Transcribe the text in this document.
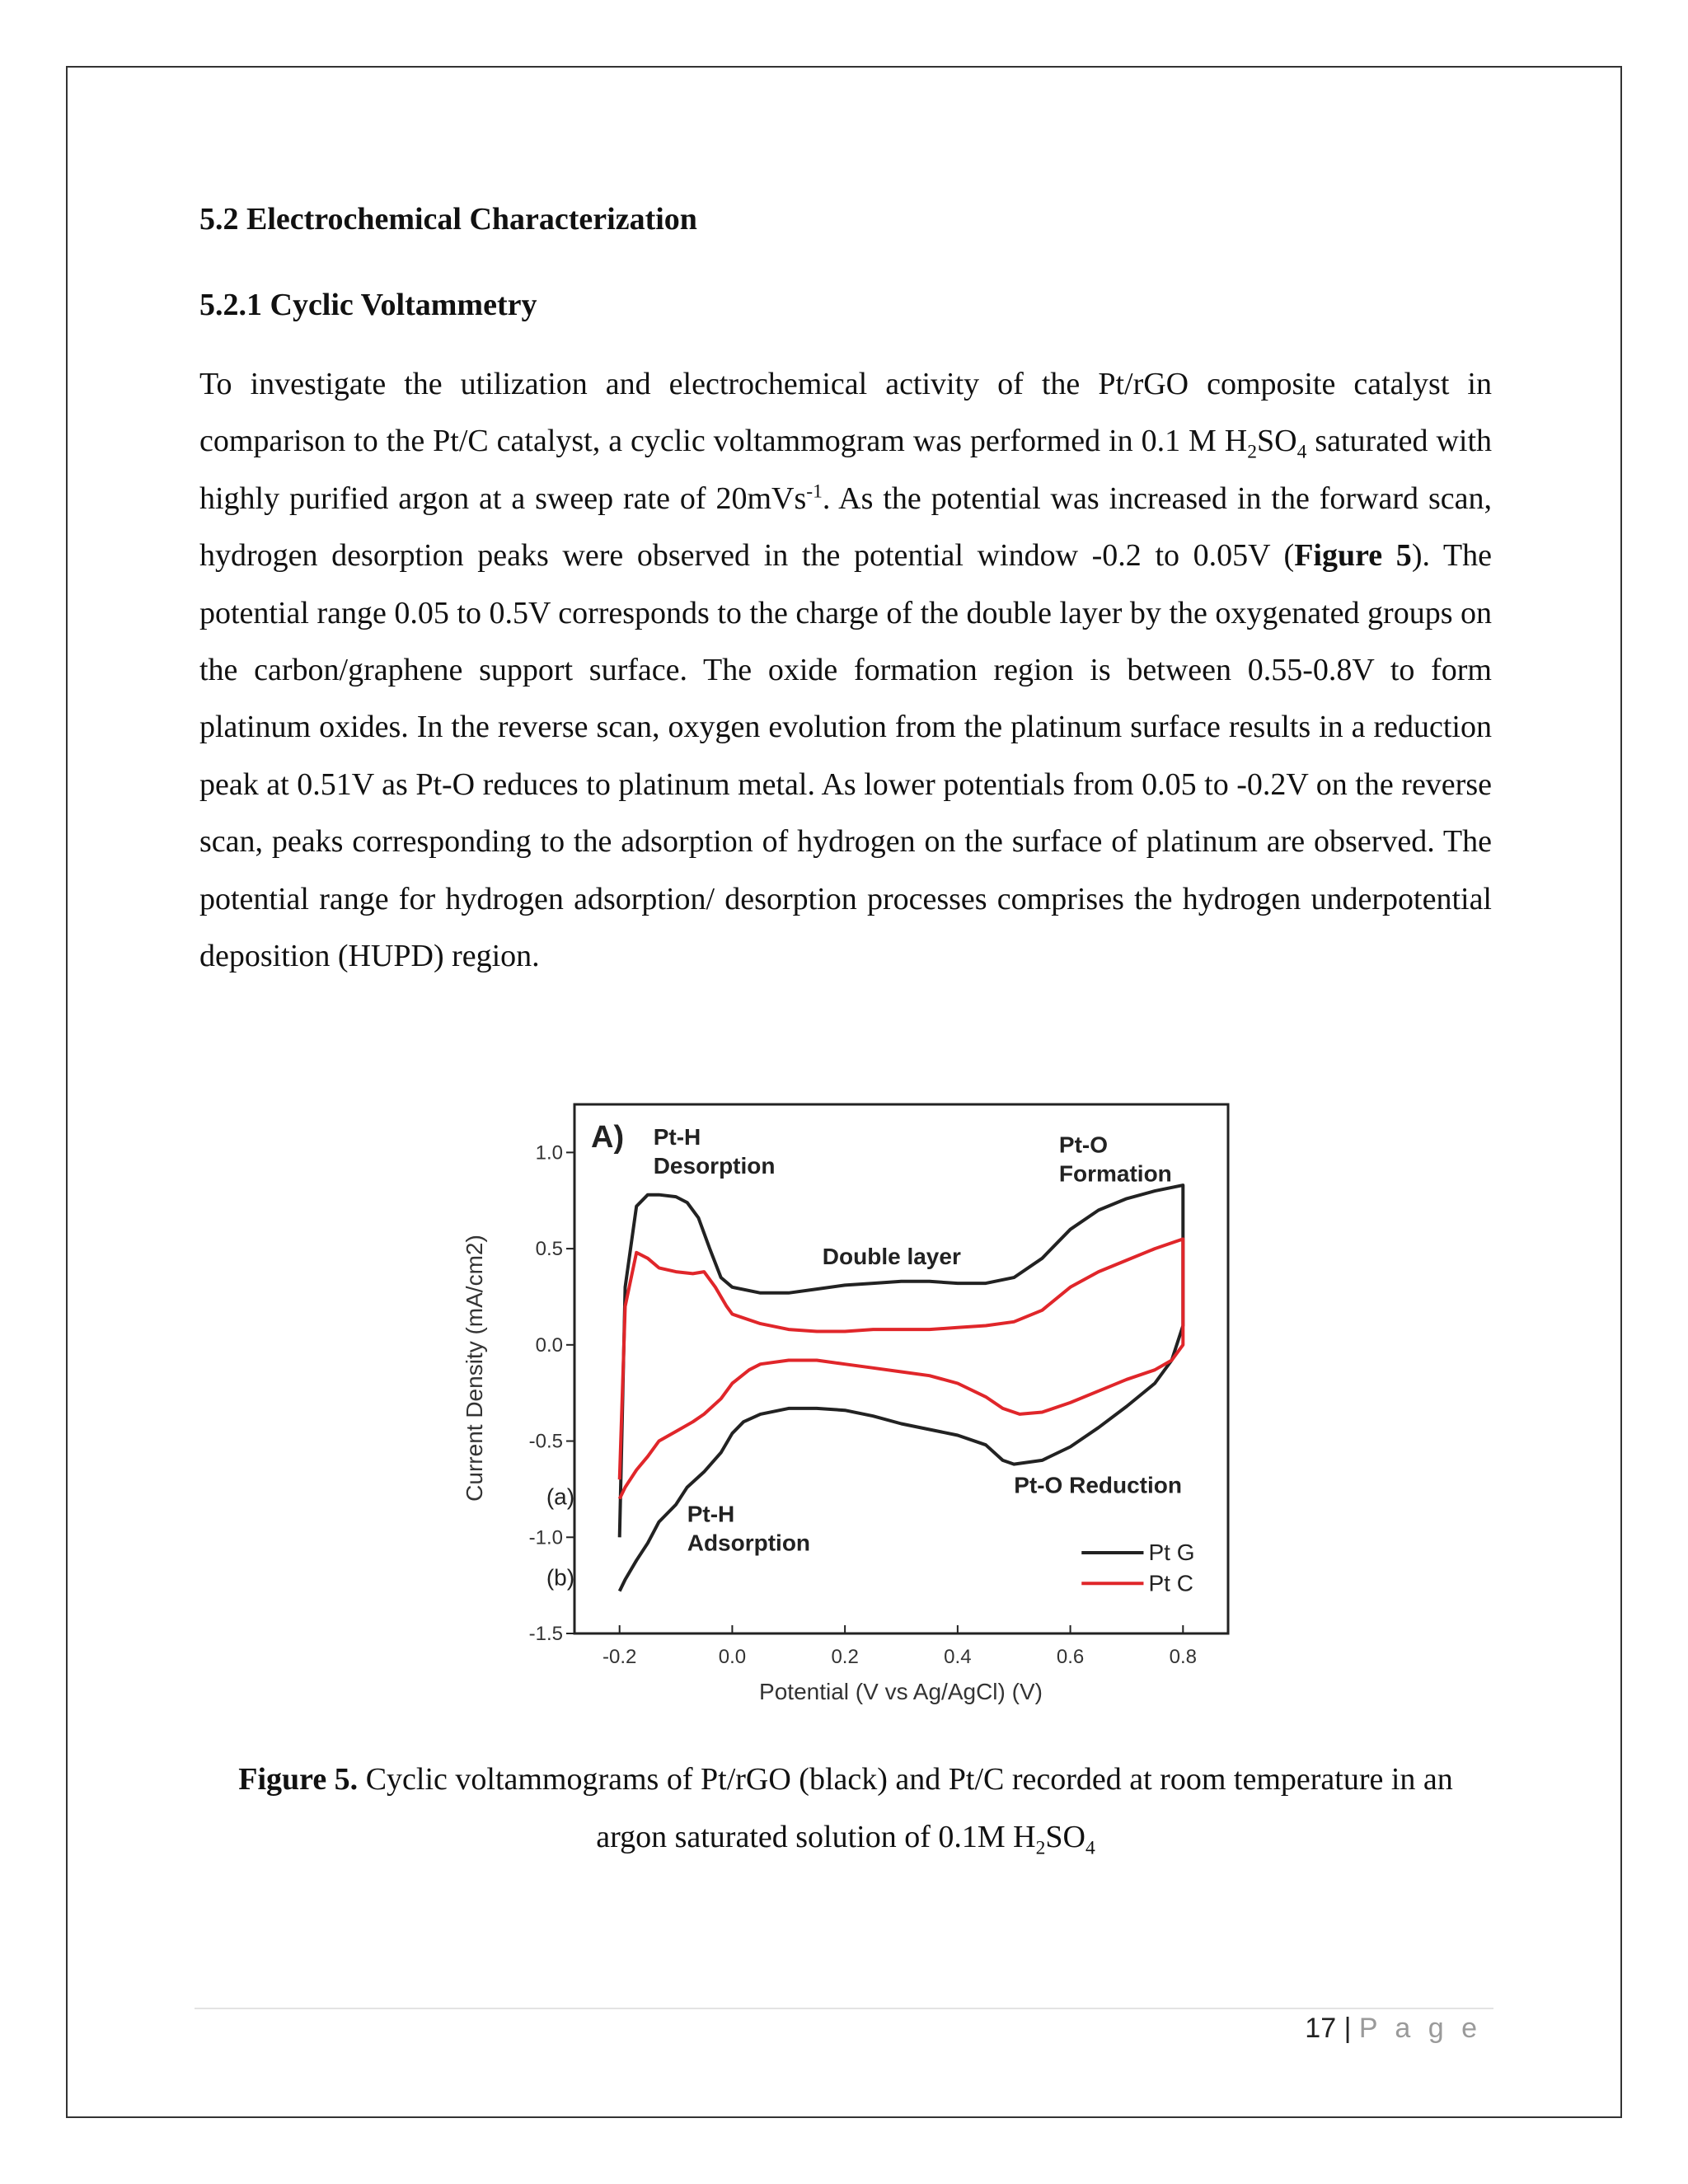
5.2 Electrochemical Characterization
5.2.1 Cyclic Voltammetry

To investigate the utilization and electrochemical activity of the Pt/rGO composite catalyst in comparison to the Pt/C catalyst, a cyclic voltammogram was performed in 0.1 M $H_2SO_4$ saturated with highly purified argon at a sweep rate of 20mVs$^{-1}$. As the potential was increased in the forward scan, hydrogen desorption peaks were observed in the potential window -0.2 to 0.05V (Figure 5). The potential range 0.05 to 0.5V corresponds to the charge of the double layer by the oxygenated groups on the carbon/graphene support surface. The oxide formation region is between 0.55-0.8V to form platinum oxides. In the reverse scan, oxygen evolution from the platinum surface results in a reduction peak at 0.51V as Pt-O reduces to platinum metal. As lower potentials from 0.05 to -0.2V on the reverse scan, peaks corresponding to the adsorption of hydrogen on the surface of platinum are observed. The potential range for hydrogen adsorption/ desorption processes comprises the hydrogen underpotential deposition (HUPD) region.

-0.2	0.0	0.2	0.4	0.6	0.8
1.0
0.5
0.0
-0.5
-1.0
-1.5
Pt-H
Desorption
Pt-O
Formation
Double layer
Pt-O Reduction
Pt-H
Adsorption
(a)
(b)
Pt G
Pt C
A)
Potential (V vs Ag/AgCl) (V)
Current Density (mA/cm2)
Figure 5. Cyclic voltammograms of Pt/rGO (black) and Pt/C recorded at room temperature in an argon saturated solution of 0.1M $H_2SO_4$
17 | P a g e
